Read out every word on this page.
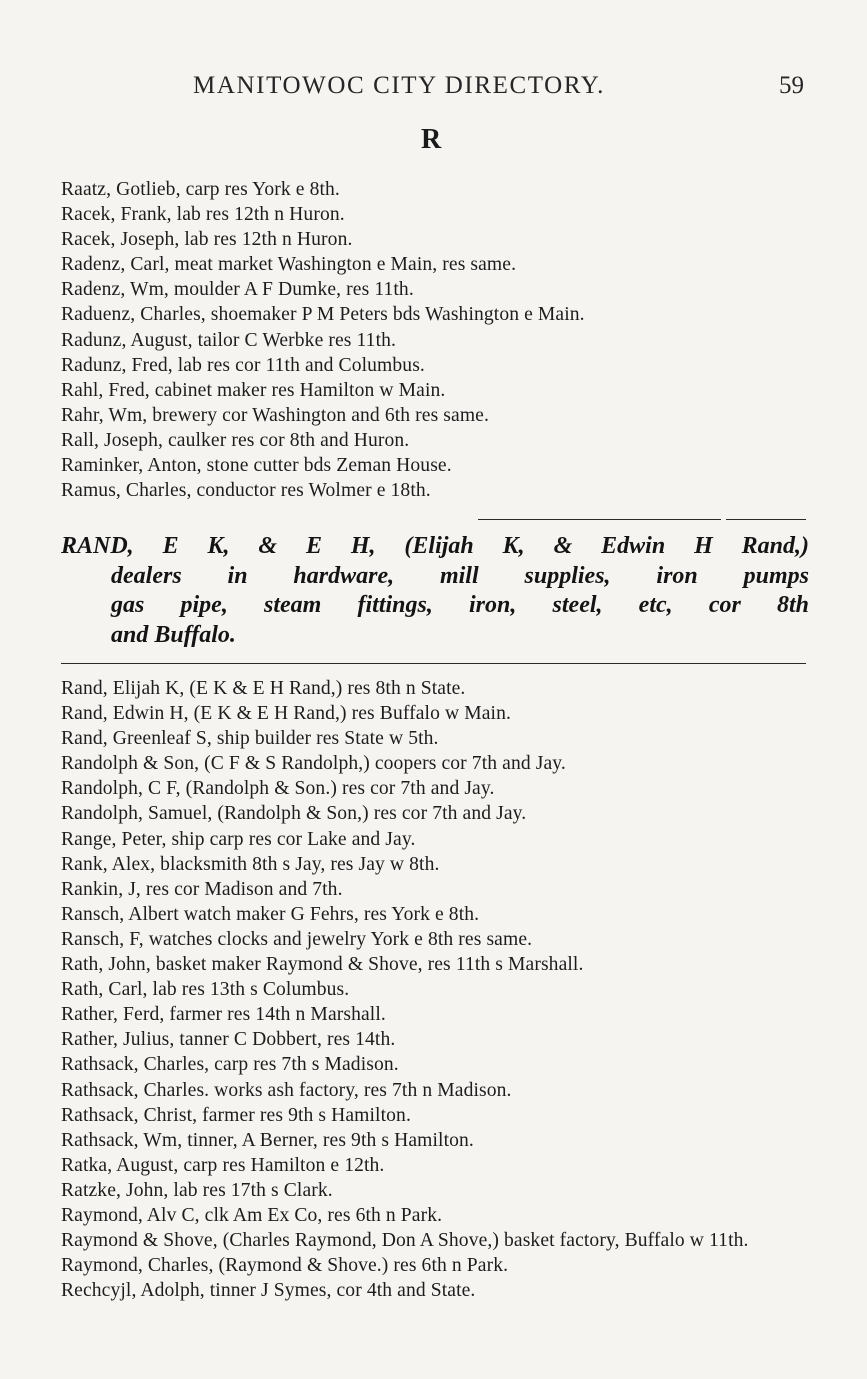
MANITOWOC CITY DIRECTORY.	59
R
Raatz, Gotlieb, carp res York e 8th.
Racek, Frank, lab res 12th n Huron.
Racek, Joseph, lab res 12th n Huron.
Radenz, Carl, meat market Washington e Main, res same.
Radenz, Wm, moulder A F Dumke, res 11th.
Raduenz, Charles, shoemaker P M Peters bds Washington e Main.
Radunz, August, tailor C Werbke res 11th.
Radunz, Fred, lab res cor 11th and Columbus.
Rahl, Fred, cabinet maker res Hamilton w Main.
Rahr, Wm, brewery cor Washington and 6th res same.
Rall, Joseph, caulker res cor 8th and Huron.
Raminker, Anton, stone cutter bds Zeman House.
Ramus, Charles, conductor res Wolmer e 18th.
RAND, E K, & E H, (Elijah K, & Edwin H Rand,)
dealers in hardware, mill supplies, iron pumps
gas pipe, steam fittings, iron, steel, etc, cor 8th
and Buffalo.
Rand, Elijah K, (E K & E H Rand,) res 8th n State.
Rand, Edwin H, (E K & E H Rand,) res Buffalo w Main.
Rand, Greenleaf S, ship builder res State w 5th.
Randolph & Son, (C F & S Randolph,) coopers cor 7th and Jay.
Randolph, C F, (Randolph & Son.) res cor 7th and Jay.
Randolph, Samuel, (Randolph & Son,) res cor 7th and Jay.
Range, Peter, ship carp res cor Lake and Jay.
Rank, Alex, blacksmith 8th s Jay, res Jay w 8th.
Rankin, J, res cor Madison and 7th.
Ransch, Albert watch maker G Fehrs, res York e 8th.
Ransch, F, watches clocks and jewelry York e 8th res same.
Rath, John, basket maker Raymond & Shove, res 11th s Marshall.
Rath, Carl, lab res 13th s Columbus.
Rather, Ferd, farmer res 14th n Marshall.
Rather, Julius, tanner C Dobbert, res 14th.
Rathsack, Charles, carp res 7th s Madison.
Rathsack, Charles. works ash factory, res 7th n Madison.
Rathsack, Christ, farmer res 9th s Hamilton.
Rathsack, Wm, tinner, A Berner, res 9th s Hamilton.
Ratka, August, carp res Hamilton e 12th.
Ratzke, John, lab res 17th s Clark.
Raymond, Alv C, clk Am Ex Co, res 6th n Park.
Raymond & Shove, (Charles Raymond, Don A Shove,) basket factory, Buffalo w 11th.
Raymond, Charles, (Raymond & Shove.) res 6th n Park.
Rechcyjl, Adolph, tinner J Symes, cor 4th and State.
